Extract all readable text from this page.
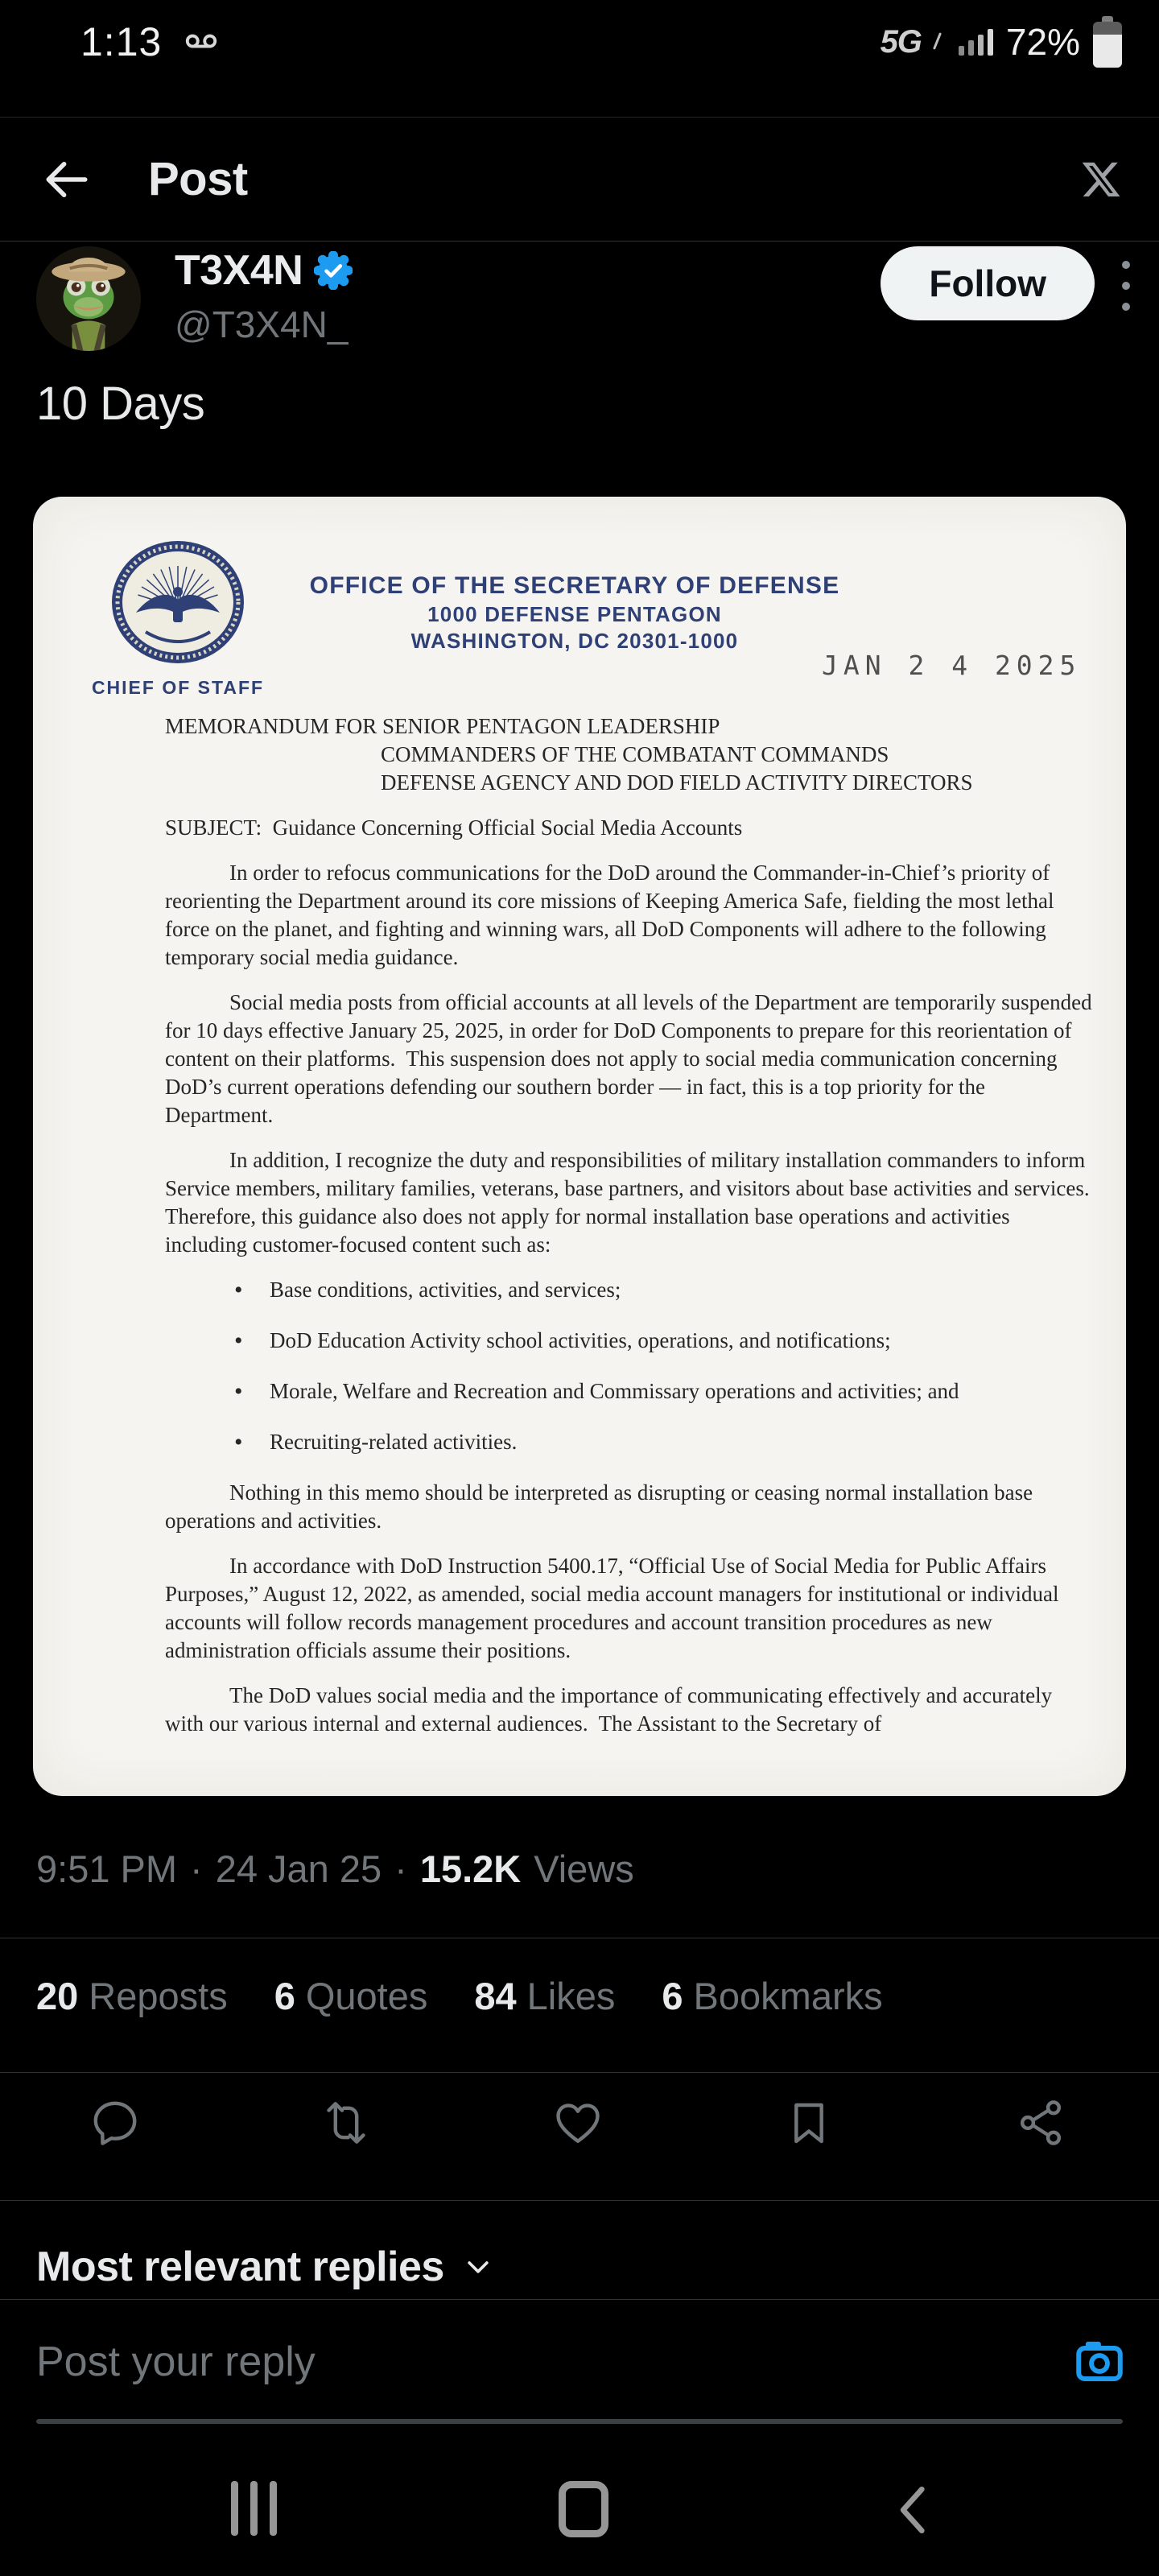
1:13	5G 72%
Post
T3X4N
@T3X4N_
Follow
10 Days
CHIEF OF STAFF
OFFICE OF THE SECRETARY OF DEFENSE
1000 DEFENSE PENTAGON
WASHINGTON, DC 20301-1000
JAN 2 4 2025
MEMORANDUM FOR SENIOR PENTAGON LEADERSHIP
COMMANDERS OF THE COMBATANT COMMANDS
DEFENSE AGENCY AND DOD FIELD ACTIVITY DIRECTORS
SUBJECT:  Guidance Concerning Official Social Media Accounts

In order to refocus communications for the DoD around the Commander-in-Chief’s priority of reorienting the Department around its core missions of Keeping America Safe, fielding the most lethal force on the planet, and fighting and winning wars, all DoD Components will adhere to the following temporary social media guidance.

Social media posts from official accounts at all levels of the Department are temporarily suspended for 10 days effective January 25, 2025, in order for DoD Components to prepare for this reorientation of content on their platforms.  This suspension does not apply to social media communication concerning DoD’s current operations defending our southern border — in fact, this is a top priority for the Department.

In addition, I recognize the duty and responsibilities of military installation commanders to inform Service members, military families, veterans, base partners, and visitors about base activities and services.  Therefore, this guidance also does not apply for normal installation base operations and activities including customer-focused content such as:

• Base conditions, activities, and services;
• DoD Education Activity school activities, operations, and notifications;
• Morale, Welfare and Recreation and Commissary operations and activities; and
• Recruiting-related activities.

Nothing in this memo should be interpreted as disrupting or ceasing normal installation base operations and activities.

In accordance with DoD Instruction 5400.17, “Official Use of Social Media for Public Affairs Purposes,” August 12, 2022, as amended, social media account managers for institutional or individual accounts will follow records management procedures and account transition procedures as new administration officials assume their positions.

The DoD values social media and the importance of communicating effectively and accurately with our various internal and external audiences.  The Assistant to the Secretary of

9:51 PM · 24 Jan 25 · 15.2K Views
20 Reposts 6 Quotes 84 Likes 6 Bookmarks
Most relevant replies
Post your reply
